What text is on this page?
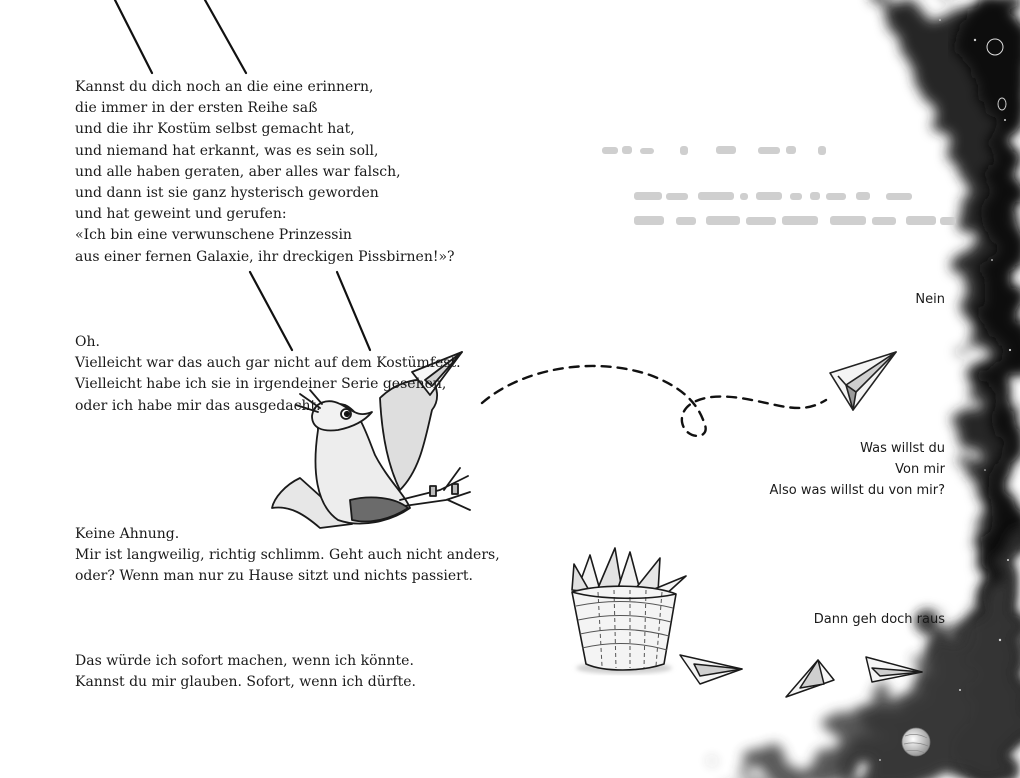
Kannst du dich noch an die eine erinnern,
die immer in der ersten Reihe saß
und die ihr Kostüm selbst gemacht hat,
und niemand hat erkannt, was es sein soll,
und alle haben geraten, aber alles war falsch,
und dann ist sie ganz hysterisch geworden
und hat geweint und gerufen:
«Ich bin eine verwunschene Prinzessin
aus einer fernen Galaxie, ihr dreckigen Pissbirnen!»?
Oh.
Vielleicht war das auch gar nicht auf dem Kostümfest.
Vielleicht habe ich sie in irgendeiner Serie gesehen,
oder ich habe mir das ausgedacht.
Keine Ahnung.
Mir ist langweilig, richtig schlimm. Geht auch nicht anders,
oder? Wenn man nur zu Hause sitzt und nichts passiert.
Das würde ich sofort machen, wenn ich könnte.
Kannst du mir glauben. Sofort, wenn ich dürfte.
Nein
Was willst du
Von mir
Also was willst du von mir?
Dann geh doch raus
